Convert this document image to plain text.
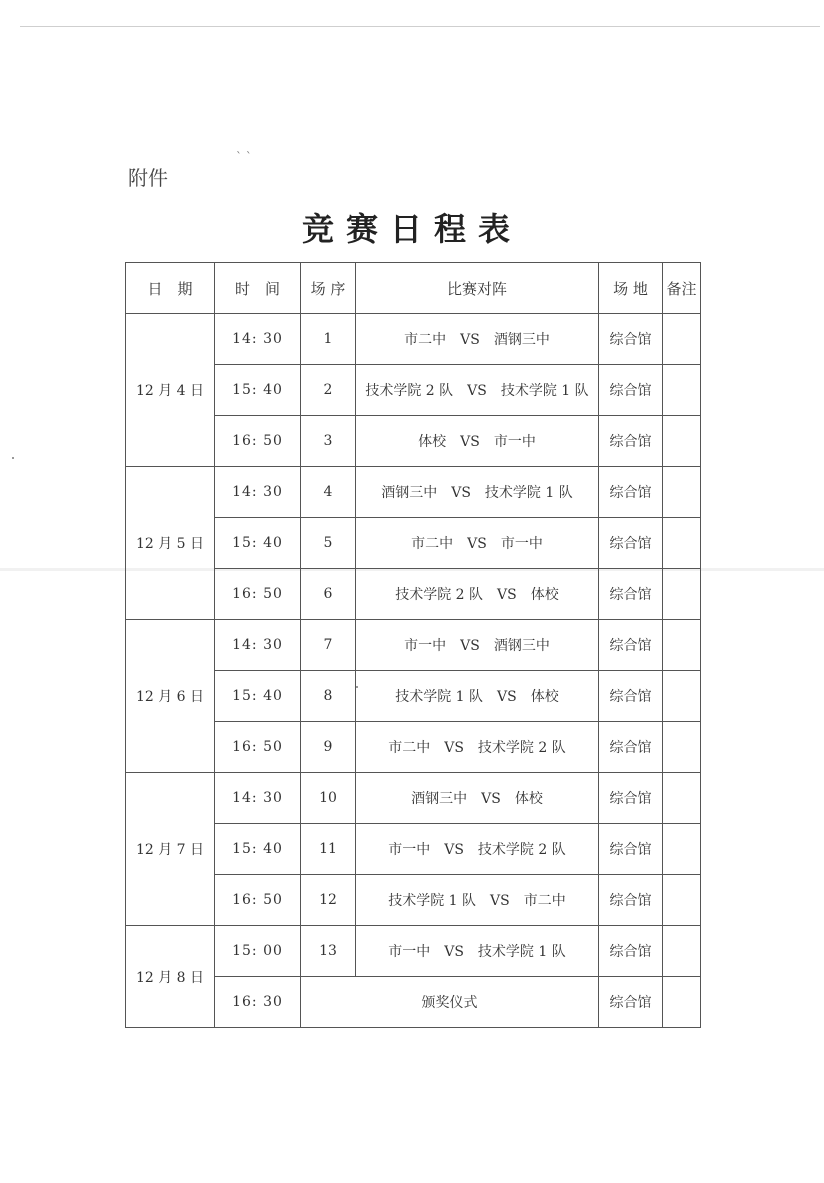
附件
` `
竞赛日程表
日　期	时　间	场 序	比赛对阵	场 地	备注
12 月 4 日	14: 30	1	市二中　VS　酒钢三中	综合馆	
	15: 40	2	技术学院 2 队　VS　技术学院 1 队	综合馆	
	16: 50	3	体校　VS　市一中	综合馆	
12 月 5 日	14: 30	4	酒钢三中　VS　技术学院 1 队	综合馆	
	15: 40	5	市二中　VS　市一中	综合馆	
	16: 50	6	技术学院 2 队　VS　体校	综合馆	
12 月 6 日	14: 30	7	市一中　VS　酒钢三中	综合馆	
	15: 40	8	技术学院 1 队　VS　体校	综合馆	
	16: 50	9	市二中　VS　技术学院 2 队	综合馆	
12 月 7 日	14: 30	10	酒钢三中　VS　体校	综合馆	
	15: 40	11	市一中　VS　技术学院 2 队	综合馆	
	16: 50	12	技术学院 1 队　VS　市二中	综合馆	
12 月 8 日	15: 00	13	市一中　VS　技术学院 1 队	综合馆	
	16: 30	颁奖仪式		综合馆	
